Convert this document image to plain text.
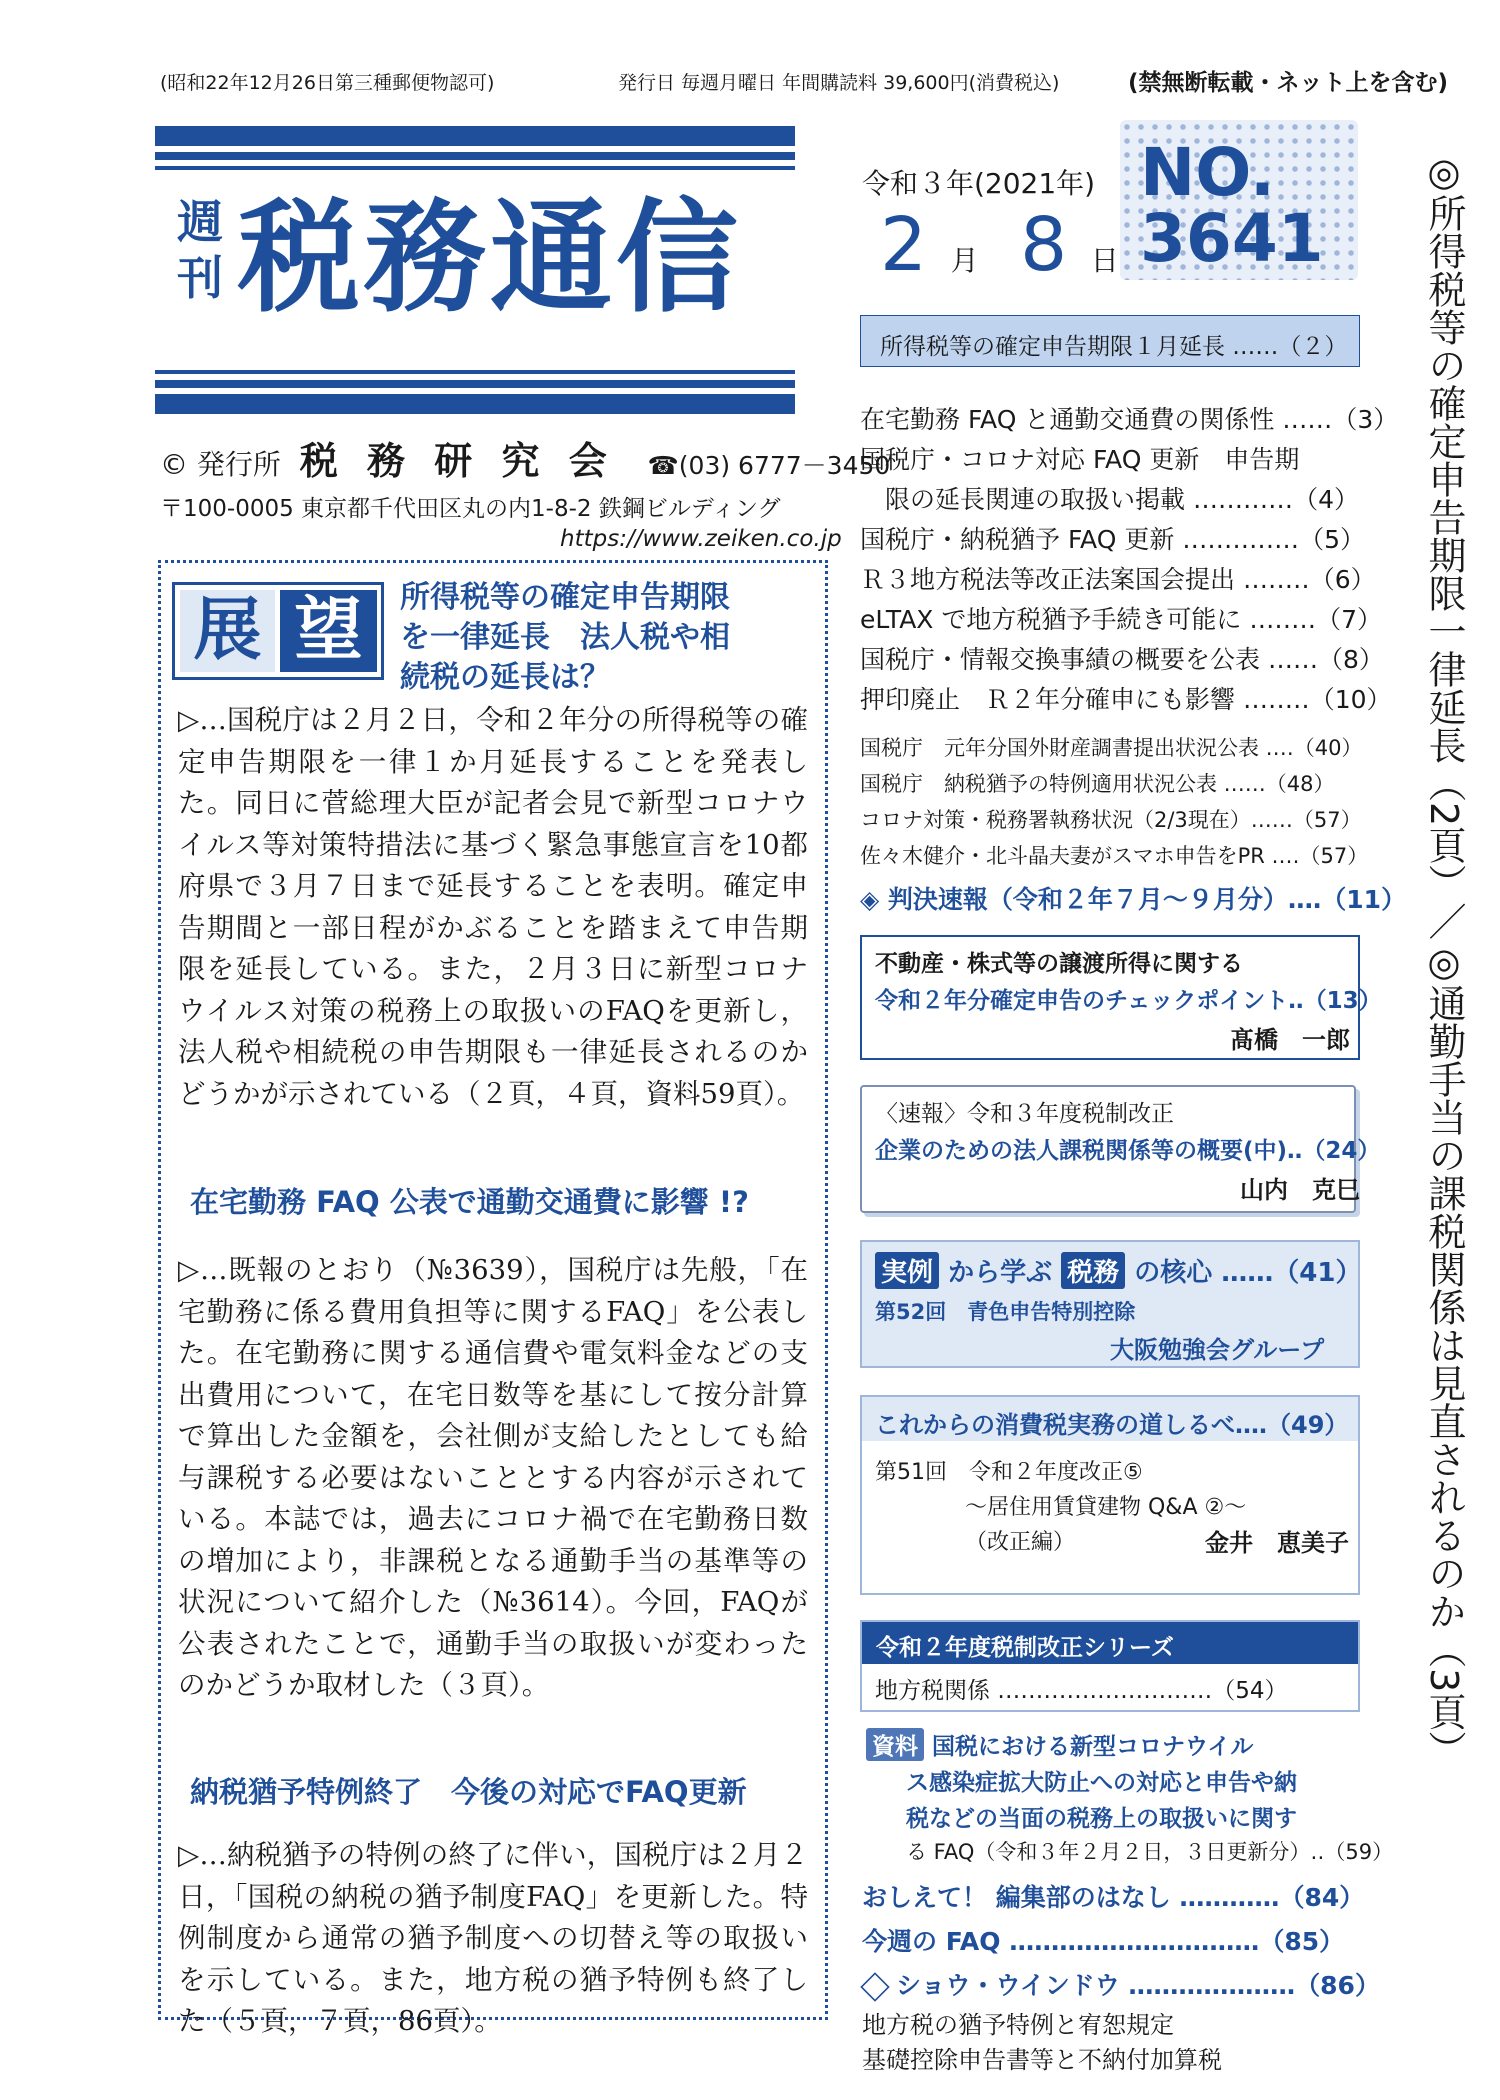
(昭和22年12月26日第三種郵便物認可)	発行日 毎週月曜日 年間購読料 39,600円(消費税込)	(禁無断転載・ネット上を含む)
週
刊 税務通信
令和３年(2021年)
2 月 8 日
NO.
3641
© 発行所 税 務 研 究 会 ☎(03) 6777－3450
〒100-0005 東京都千代田区丸の内1-8-2 鉄鋼ビルディング
https://www.zeiken.co.jp	◎所得税等の確定申告期限一律延長（2頁）／◎通勤手当の課税関係は見直されるのか（3頁）
展 望	所得税等の確定申告期限
を一律延長　法人税や相
続税の延長は？
▷…国税庁は２月２日，令和２年分の所得税等の確定申告期限を一律１か月延長することを発表した。同日に菅総理大臣が記者会見で新型コロナウイルス等対策特措法に基づく緊急事態宣言を10都府県で３月７日まで延長することを表明。確定申告期間と一部日程がかぶることを踏まえて申告期限を延長している。また，２月３日に新型コロナウイルス対策の税務上の取扱いのFAQを更新し，法人税や相続税の申告期限も一律延長されるのかどうかが示されている（２頁，４頁，資料59頁）。
在宅勤務 FAQ 公表で通勤交通費に影響 !?
▷…既報のとおり（№3639），国税庁は先般，「在宅勤務に係る費用負担等に関するFAQ」を公表した。在宅勤務に関する通信費や電気料金などの支出費用について，在宅日数等を基にして按分計算で算出した金額を，会社側が支給したとしても給与課税する必要はないこととする内容が示されている。本誌では，過去にコロナ禍で在宅勤務日数の増加により，非課税となる通勤手当の基準等の状況について紹介した（№3614）。今回，FAQが公表されたことで，通勤手当の取扱いが変わったのかどうか取材した（３頁）。
納税猶予特例終了　今後の対応でFAQ更新
▷…納税猶予の特例の終了に伴い，国税庁は２月２日，「国税の納税の猶予制度FAQ」を更新した。特例制度から通常の猶予制度への切替え等の取扱いを示している。また，地方税の猶予特例も終了した（５頁，７頁，86頁）。
所得税等の確定申告期限１月延長 ‥‥‥（２）
在宅勤務 FAQ と通勤交通費の関係性 ‥‥‥（3）
国税庁・コロナ対応 FAQ 更新　申告期
　限の延長関連の取扱い掲載 ‥‥‥‥‥‥（4）
国税庁・納税猶予 FAQ 更新 ‥‥‥‥‥‥‥（5）
Ｒ３地方税法等改正法案国会提出 ‥‥‥‥（6）
eLTAX で地方税猶予手続き可能に ‥‥‥‥（7）
国税庁・情報交換事績の概要を公表 ‥‥‥（8）
押印廃止　Ｒ２年分確申にも影響 ‥‥‥‥（10）
国税庁　元年分国外財産調書提出状況公表 ‥‥（40）
国税庁　納税猶予の特例適用状況公表 ‥‥‥（48）
コロナ対策・税務署執務状況（2/3現在）‥‥‥（57）
佐々木健介・北斗晶夫妻がスマホ申告をPR ‥‥（57）
◈ 判決速報（令和２年７月～９月分）‥‥（11）
不動産・株式等の譲渡所得に関する
令和２年分確定申告のチェックポイント‥（13）
髙橋　一郎
〈速報〉令和３年度税制改正
企業のための法人課税関係等の概要(中)‥（24）
山内　克巳
実例 から学ぶ 税務 の核心 ‥‥‥（41）
第52回　青色申告特別控除
大阪勉強会グループ
これからの消費税実務の道しるべ‥‥（49）
第51回　令和２年度改正⑤
～居住用賃貸建物 Q&A ②～
（改正編）	金井　恵美子
令和２年度税制改正シリーズ
地方税関係 ‥‥‥‥‥‥‥‥‥‥‥‥‥‥（54）
資料 国税における新型コロナウイル
ス感染症拡大防止への対応と申告や納
税などの当面の税務上の取扱いに関す
る FAQ（令和３年２月２日，３日更新分）‥（59）
おしえて！ 編集部のはなし ‥‥‥‥‥‥（84）
今週の FAQ ‥‥‥‥‥‥‥‥‥‥‥‥‥‥‥（85）
ショウ・ウインドウ ‥‥‥‥‥‥‥‥‥‥（86）
地方税の猶予特例と宥恕規定
基礎控除申告書等と不納付加算税
